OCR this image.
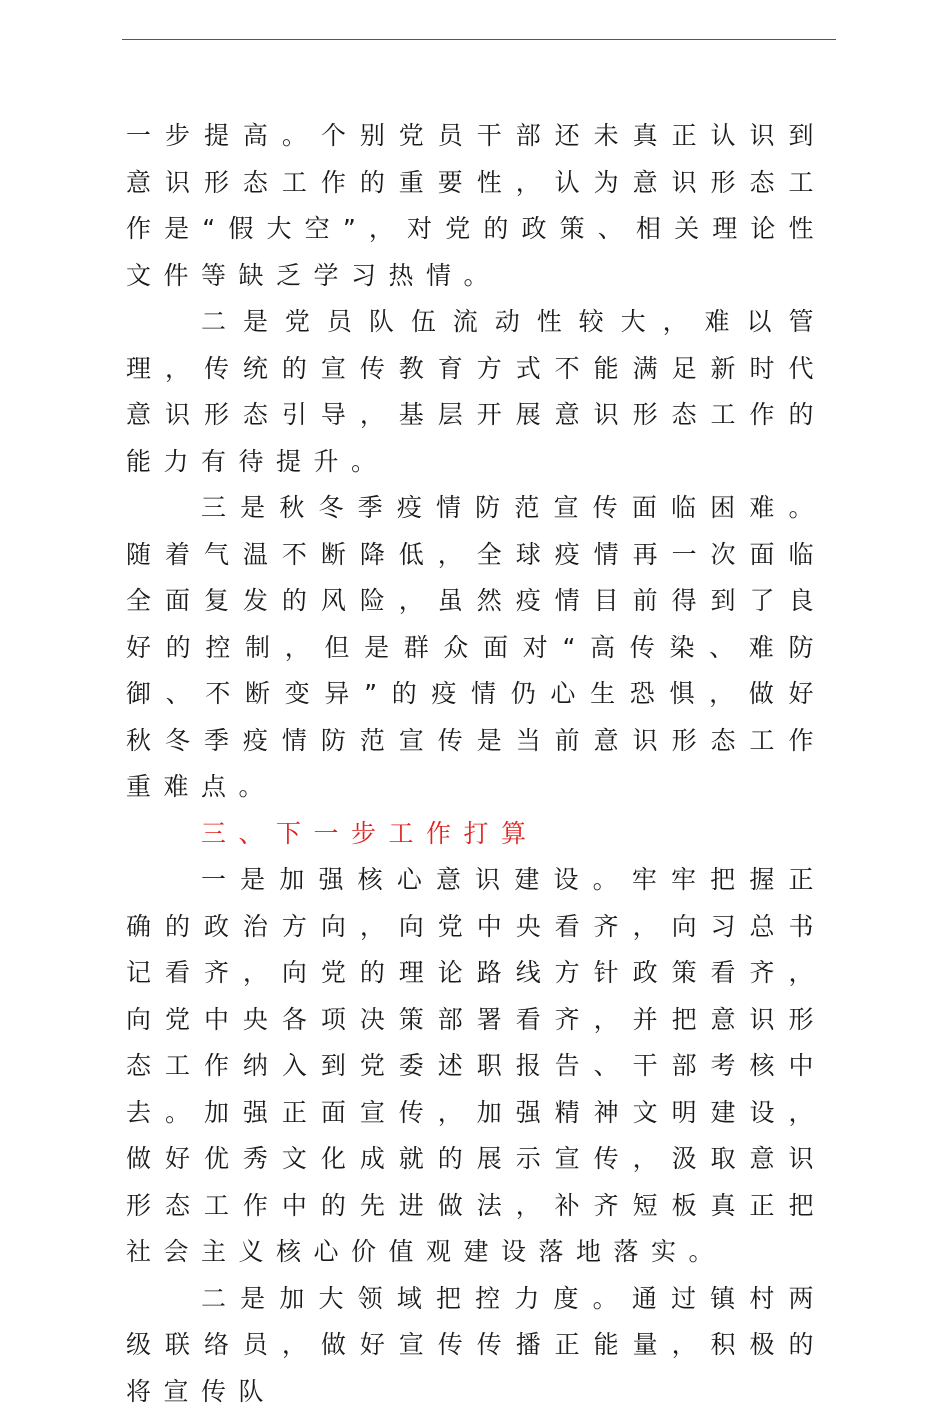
一步提高。个别党员干部还未真正认识到意识形态工作的重要性，认为意识形态工作是“假大空”，对党的政策、相关理论性文件等缺乏学习热情。

二是党员队伍流动性较大，难以管理，传统的宣传教育方式不能满足新时代意识形态引导，基层开展意识形态工作的能力有待提升。

三是秋冬季疫情防范宣传面临困难。随着气温不断降低，全球疫情再一次面临全面复发的风险，虽然疫情目前得到了良好的控制，但是群众面对“高传染、难防御、不断变异”的疫情仍心生恐惧，做好秋冬季疫情防范宣传是当前意识形态工作重难点。

三、下一步工作打算

一是加强核心意识建设。牢牢把握正确的政治方向，向党中央看齐，向习总书记看齐，向党的理论路线方针政策看齐，向党中央各项决策部署看齐，并把意识形态工作纳入到党委述职报告、干部考核中去。加强正面宣传，加强精神文明建设，做好优秀文化成就的展示宣传，汲取意识形态工作中的先进做法，补齐短板真正把社会主义核心价值观建设落地落实。

二是加大领域把控力度。通过镇村两级联络员，做好宣传传播正能量，积极的将宣传队
